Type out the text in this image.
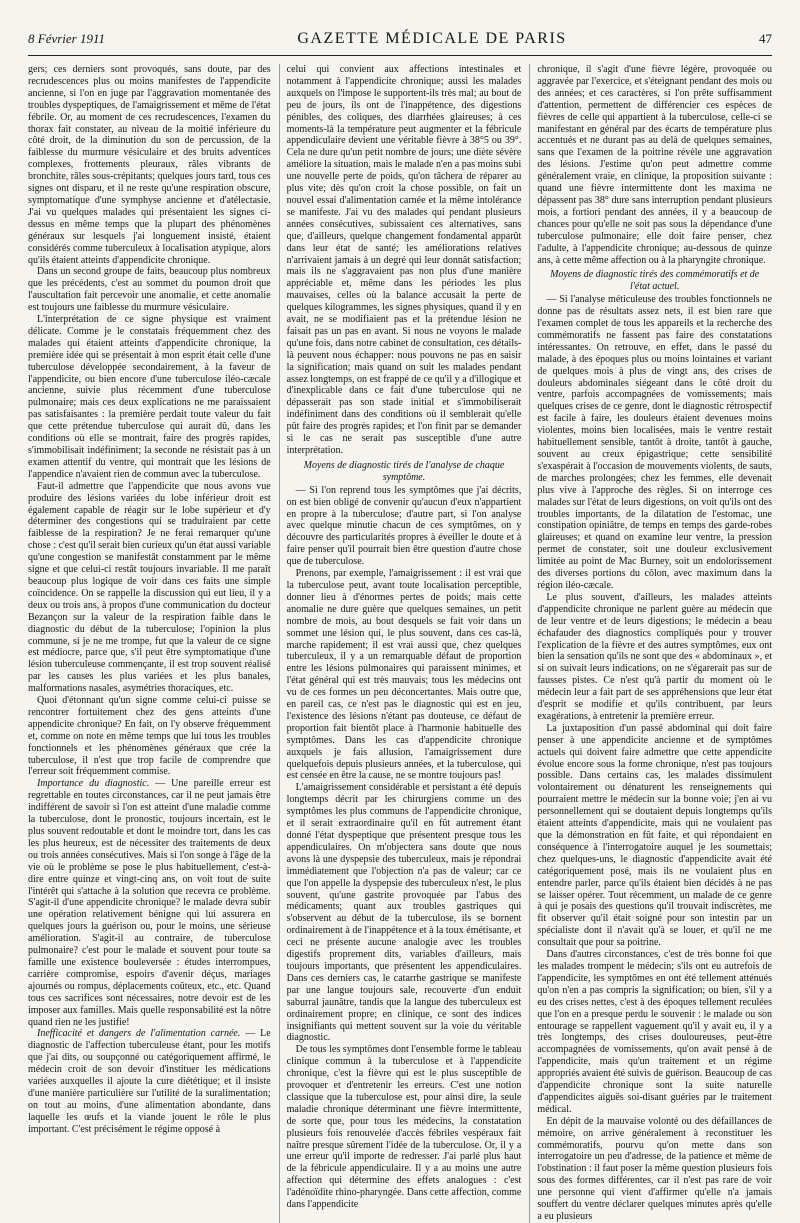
8 Février 1911	GAZETTE MÉDICALE DE PARIS	47

gers; ces derniers sont provoqués, sans doute, par des recrudescences plus ou moins manifestes de l'appendicite ancienne, si l'on en juge par l'aggravation momentanée des troubles dyspeptiques, de l'amaigrissement et même de l'état fébrile. Or, au moment de ces recrudescences, l'examen du thorax fait constater, au niveau de la moitié inférieure du côté droit, de la diminution du son de percussion, de la faiblesse du murmure vésiculaire et des bruits adventices complexes, frottements pleuraux, râles vibrants de bronchite, râles sous-crépitants; quelques jours tard, tous ces signes ont disparu, et il ne reste qu'une respiration obscure, symptomatique d'une symphyse ancienne et d'atélectasie. J'ai vu quelques malades qui présentaient les signes ci-dessus en même temps que la plupart des phénomènes généraux sur lesquels j'ai longuement insisté, étaient considérés comme tuberculeux à localisation atypique, alors qu'ils étaient atteints d'appendicite chronique.

Dans un second groupe de faits, beaucoup plus nombreux que les précédents, c'est au sommet du poumon droit que l'auscultation fait percevoir une anomalie, et cette anomalie est toujours une faiblesse du murmure vésiculaire.

L'interprétation de ce signe physique est vraiment délicate. Comme je le constatais fréquemment chez des malades qui étaient atteints d'appendicite chronique, la première idée qui se présentait à mon esprit était celle d'une tuberculose développée secondairement, à la faveur de l'appendicite, ou bien encore d'une tuberculose iléo-cæcale ancienne, suivie plus récemment d'une tuberculose pulmonaire; mais ces deux explications ne me paraissaient pas satisfaisantes : la première perdait toute valeur du fait que cette prétendue tuberculose qui aurait dû, dans les conditions où elle se montrait, faire des progrès rapides, s'immobilisait indéfiniment; la seconde ne résistait pas à un examen attentif du ventre, qui montrait que les lésions de l'appendice n'avaient rien de commun avec la tuberculose.

Faut-il admettre que l'appendicite que nous avons vue produire des lésions variées du lobe inférieur droit est également capable de réagir sur le lobe supérieur et d'y déterminer des congestions qui se traduiraient par cette faiblesse de la respiration? Je ne ferai remarquer qu'une chose : c'est qu'il serait bien curieux qu'un état aussi variable qu'une congestion se manifestât constamment par le même signe et que celui-ci restât toujours invariable. Il me paraît beaucoup plus logique de voir dans ces faits une simple coïncidence. On se rappelle la discussion qui eut lieu, il y a deux ou trois ans, à propos d'une communication du docteur Bezançon sur la valeur de la respiration faible dans le diagnostic du début de la tuberculose; l'opinion la plus commune, si je ne me trompe, fut que la valeur de ce signe est médiocre, parce que, s'il peut être symptomatique d'une lésion tuberculeuse commençante, il est trop souvent réalisé par les causes les plus variées et les plus banales, malformations nasales, asymétries thoraciques, etc.

Quoi d'étonnant qu'un signe comme celui-ci puisse se rencontrer fortuitement chez des gens atteints d'une appendicite chronique? En fait, on l'y observe fréquemment et, comme on note en même temps que lui tous les troubles fonctionnels et les phénomènes généraux que crée la tuberculose, il n'est que trop facile de comprendre que l'erreur soit fréquemment commise.

Importance du diagnostic. — Une pareille erreur est regrettable en toutes circonstances, car il ne peut jamais être indifférent de savoir si l'on est atteint d'une maladie comme la tuberculose, dont le pronostic, toujours incertain, est le plus souvent redoutable et dont le moindre tort, dans les cas les plus heureux, est de nécessiter des traitements de deux ou trois années consécutives. Mais si l'on songe à l'âge de la vie où le problème se pose le plus habituellement, c'est-à-dire entre quinze et vingt-cinq ans, on voit tout de suite l'intérêt qui s'attache à la solution que recevra ce problème. S'agit-il d'une appendicite chronique? le malade devra subir une opération relativement bénigne qui lui assurera en quelques jours la guérison ou, pour le moins, une sérieuse amélioration. S'agit-il au contraire, de tuberculose pulmonaire? c'est pour le malade et souvent pour toute sa famille une existence bouleversée : études interrompues, carrière compromise, espoirs d'avenir déçus, mariages ajournés ou rompus, déplacements coûteux, etc., etc. Quand tous ces sacrifices sont nécessaires, notre devoir est de les imposer aux familles. Mais quelle responsabilité est la nôtre quand rien ne les justifie!

Inefficacité et dangers de l'alimentation carnée. — Le diagnostic de l'affection tuberculeuse étant, pour les motifs que j'ai dits, ou soupçonné ou catégoriquement affirmé, le médecin croit de son devoir d'instituer les médications variées auxquelles il ajoute la cure diététique; et il insiste d'une manière particulière sur l'utilité de la suralimentation; on tout au moins, d'une alimentation abondante, dans laquelle les œufs et la viande jouent le rôle le plus important. C'est précisément le régime opposé à

celui qui convient aux affections intestinales et notamment à l'appendicite chronique; aussi les malades auxquels on l'impose le supportent-ils très mal; au bout de peu de jours, ils ont de l'inappétence, des digestions pénibles, des coliques, des diarrhées glaireuses; à ces moments-là la température peut augmenter et la fébricule appendiculaire devient une véritable fièvre à 38°5 ou 39°. Cela ne dure qu'un petit nombre de jours; une diète sévère améliore la situation, mais le malade n'en a pas moins subi une nouvelle perte de poids, qu'on tâchera de réparer au plus vite; dès qu'on croit la chose possible, on fait un nouvel essai d'alimentation carnée et la même intolérance se manifeste. J'ai vu des malades qui pendant plusieurs années consécutives, subissaient ces alternatives, sans que, d'ailleurs, quelque changement fondamental apparût dans leur état de santé; les améliorations relatives n'arrivaient jamais à un degré qui leur donnât satisfaction; mais ils ne s'aggravaient pas non plus d'une manière appréciable et, même dans les périodes les plus mauvaises, celles où la balance accusait la perte de quelques kilogrammes, les signes physiques, quand il y en avait, ne se modifiaient pas et la prétendue lésion ne faisait pas un pas en avant. Si nous ne voyons le malade qu'une fois, dans notre cabinet de consultation, ces détails-là peuvent nous échapper: nous pouvons ne pas en saisir la signification; mais quand on suit les malades pendant assez longtemps, on est frappé de ce qu'il y a d'illogique et d'inexplicable dans ce fait d'une tuberculose qui ne dépasserait pas son stade initial et s'immobiliserait indéfiniment dans des conditions où il semblerait qu'elle pût faire des progrès rapides; et l'on finit par se demander si le cas ne serait pas susceptible d'une autre interprétation.

Moyens de diagnostic tirés de l'analyse de chaque symptôme.

— Si l'on reprend tous les symptômes que j'ai décrits, on est bien obligé de convenir qu'aucun d'eux n'appartient en propre à la tuberculose; d'autre part, si l'on analyse avec quelque minutie chacun de ces symptômes, on y découvre des particularités propres à éveiller le doute et à faire penser qu'il pourrait bien être question d'autre chose que de tuberculose.

Prenons, par exemple, l'amaigrissement : il est vrai que la tuberculose peut, avant toute localisation perceptible, donner lieu à d'énormes pertes de poids; mais cette anomalie ne dure guère que quelques semaines, un petit nombre de mois, au bout desquels se fait voir dans un sommet une lésion qui, le plus souvent, dans ces cas-là, marche rapidement; il est vrai aussi que, chez quelques tuberculeux, il y a un remarquable défaut de proportion entre les lésions pulmonaires qui paraissent minimes, et l'état général qui est très mauvais; tous les médecins ont vu de ces formes un peu déconcertantes. Mais outre que, en pareil cas, ce n'est pas le diagnostic qui est en jeu, l'existence des lésions n'étant pas douteuse, ce défaut de proportion fait bientôt place à l'harmonie habituelle des symptômes. Dans les cas d'appendicite chronique auxquels je fais allusion, l'amaigrissement dure quelquefois depuis plusieurs années, et la tuberculose, qui est censée en être la cause, ne se montre toujours pas!

L'amaigrissement considérable et persistant a été depuis longtemps décrit par les chirurgiens comme un des symptômes les plus communs de l'appendicite chronique, et il serait extraordinaire qu'il en fût autrement étant donné l'état dyspeptique que présentent presque tous les appendiculaires. On m'objectera sans doute que nous avons là une dyspepsie des tuberculeux, mais je répondrai immédiatement que l'objection n'a pas de valeur; car ce que l'on appelle la dyspepsie des tuberculeux n'est, le plus souvent, qu'une gastrite provoquée par l'abus des médicaments; quant aux troubles gastriques qui s'observent au début de la tuberculose, ils se bornent ordinairement à de l'inappétence et à la toux émétisante, et ceci ne présente aucune analogie avec les troubles digestifs proprement dits, variables d'ailleurs, mais toujours importants, que présentent les appendiculaires. Dans ces derniers cas, le catarrhe gastrique se manifeste par une langue toujours sale, recouverte d'un enduit saburral jaunâtre, tandis que la langue des tuberculeux est ordinairement propre; en clinique, ce sont des indices insignifiants qui mettent souvent sur la voie du véritable diagnostic.

De tous les symptômes dont l'ensemble forme le tableau clinique commun à la tuberculose et à l'appendicite chronique, c'est la fièvre qui est le plus susceptible de provoquer et d'entretenir les erreurs. C'est une notion classique que la tuberculose est, pour ainsi dire, la seule maladie chronique déterminant une fièvre intermittente, de sorte que, pour tous les médecins, la constatation plusieurs fois renouvelée d'accès fébriles vespéraux fait naître presque sûrement l'idée de la tuberculose. Or, il y a une erreur qu'il importe de redresser. J'ai parlé plus haut de la fébricule appendiculaire. Il y a au moins une autre affection qui détermine des effets analogues : c'est l'adénoïdite rhino-pharyngée. Dans cette affection, comme dans l'appendicite

chronique, il s'agit d'une fièvre légère, provoquée ou aggravée par l'exercice, et s'éteignant pendant des mois ou des années; et ces caractères, si l'on prête suffisamment d'attention, permettent de différencier ces espèces de fièvres de celle qui appartient à la tuberculose, celle-ci se manifestant en général par des écarts de température plus accentués et ne durant pas au delà de quelques semaines, sans que l'examen de la poitrine révèle une aggravation des lésions. J'estime qu'on peut admettre comme généralement vraie, en clinique, la proposition suivante : quand une fièvre intermittente dont les maxima ne dépassent pas 38° dure sans interruption pendant plusieurs mois, a fortiori pendant des années, il y a beaucoup de chances pour qu'elle ne soit pas sous la dépendance d'une tuberculose pulmonaire; elle doit faire penser, chez l'adulte, à l'appendicite chronique; au-dessous de quinze ans, à cette même affection ou à la pharyngite chronique.

Moyens de diagnostic tirés des commémoratifs et de l'état actuel.

— Si l'analyse méticuleuse des troubles fonctionnels ne donne pas de résultats assez nets, il est bien rare que l'examen complet de tous les appareils et la recherche des commémoratifs ne fassent pas faire des constatations intéressantes. On retrouve, en effet, dans le passé du malade, à des époques plus ou moins lointaines et variant de quelques mois à plus de vingt ans, des crises de douleurs abdominales siégeant dans le côté droit du ventre, parfois accompagnées de vomissements; mais quelques crises de ce genre, dont le diagnostic rétrospectif est facile à faire, les douleurs étaient devenues moins violentes, moins bien localisées, mais le ventre restait habituellement sensible, tantôt à droite, tantôt à gauche, souvent au creux épigastrique; cette sensibilité s'exaspérait à l'occasion de mouvements violents, de sauts, de marches prolongées; chez les femmes, elle devenait plus vive à l'approche des règles. Si on interroge ces malades sur l'état de leurs digestions, on voit qu'ils ont des troubles importants, de la dilatation de l'estomac, une constipation opiniâtre, de temps en temps des garde-robes glaireuses; et quand on examine leur ventre, la pression permet de constater, soit une douleur exclusivement limitée au point de Mac Burney, soit un endolorissement des diverses portions du côlon, avec maximum dans la région iléo-cæcale.

Le plus souvent, d'ailleurs, les malades atteints d'appendicite chronique ne parlent guère au médecin que de leur ventre et de leurs digestions; le médecin a beau échafauder des diagnostics compliqués pour y trouver l'explication de la fièvre et des autres symptômes, eux ont bien la sensation qu'ils ne sont que des « abdominaux », et si on suivait leurs indications, on ne s'égarerait pas sur de fausses pistes. Ce n'est qu'à partir du moment où le médecin leur a fait part de ses appréhensions que leur état d'esprit se modifie et qu'ils contribuent, par leurs exagérations, à entretenir la première erreur.

La juxtaposition d'un passé abdominal qui doit faire penser à une appendicite ancienne et de symptômes actuels qui doivent faire admettre que cette appendicite évolue encore sous la forme chronique, n'est pas toujours possible. Dans certains cas, les malades dissimulent volontairement ou dénaturent les renseignements qui pourraient mettre le médecin sur la bonne voie; j'en ai vu personnellement qui se doutaient depuis longtemps qu'ils étaient atteints d'appendicite, mais qui ne voulaient pas que la démonstration en fût faite, et qui répondaient en conséquence à l'interrogatoire auquel je les soumettais; chez quelques-uns, le diagnostic d'appendicite avait été catégoriquement posé, mais ils ne voulaient plus en entendre parler, parce qu'ils étaient bien décidés à ne pas se laisser opérer. Tout récemment, un malade de ce genre à qui je posais des questions qu'il trouvait indiscrètes, me fit observer qu'il était soigné pour son intestin par un spécialiste dont il n'avait qu'à se louer, et qu'il ne me consultait que pour sa poitrine.

Dans d'autres circonstances, c'est de très bonne foi que les malades trompent le médecin; s'ils ont eu autrefois de l'appendicite, les symptômes en ont été tellement atténués qu'on n'en a pas compris la signification; ou bien, s'il y a eu des crises nettes, c'est à des époques tellement reculées que l'on en a presque perdu le souvenir : le malade ou son entourage se rappellent vaguement qu'il y avait eu, il y a très longtemps, des crises douloureuses, peut-être accompagnées de vomissements, qu'on avait pensé à de l'appendicite, mais qu'un traitement et un régime appropriés avaient été suivis de guérison. Beaucoup de cas d'appendicite chronique sont la suite naturelle d'appendicites aiguës soi-disant guéries par le traitement médical.

En dépit de la mauvaise volonté ou des défaillances de mémoire, on arrive généralement à reconstituer les commémoratifs, pourvu qu'on mette dans son interrogatoire un peu d'adresse, de la patience et même de l'obstination : il faut poser la même question plusieurs fois sous des formes différentes, car il n'est pas rare de voir une personne qui vient d'affirmer qu'elle n'a jamais souffert du ventre déclarer quelques minutes après qu'elle a eu plusieurs
